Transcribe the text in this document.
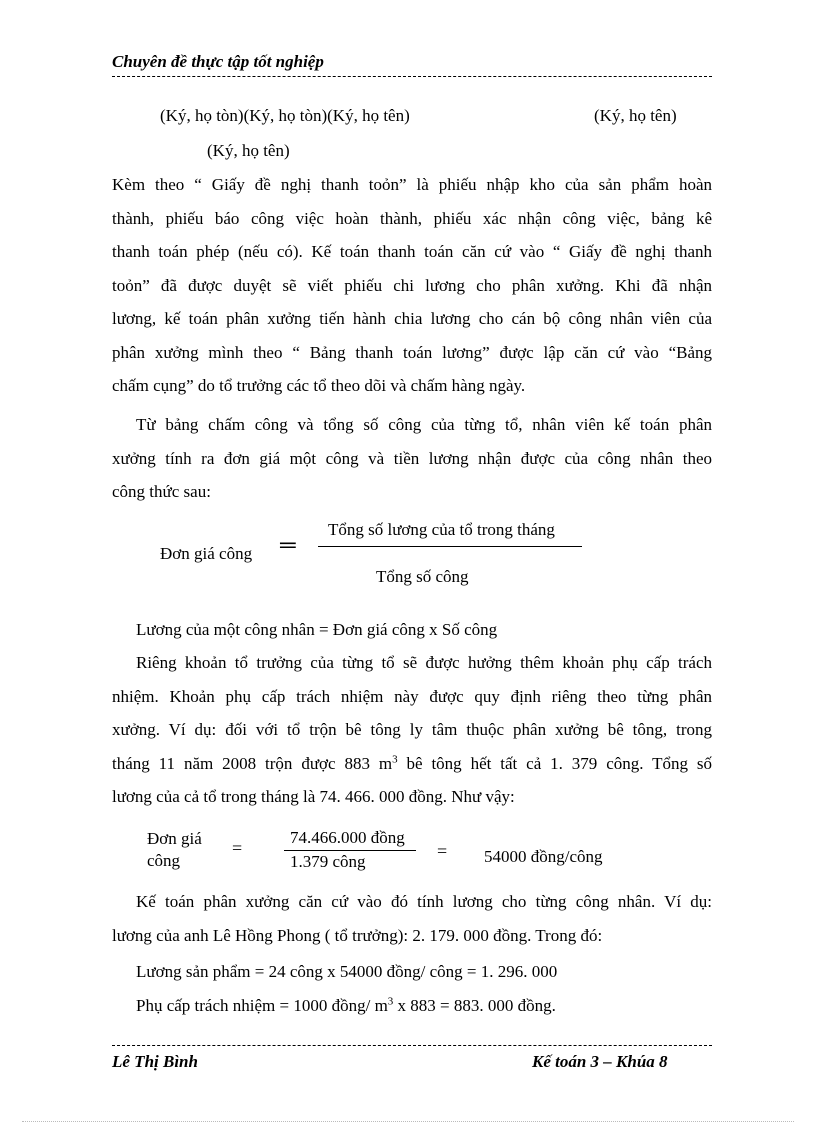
Chuyên đề thực tập tốt nghiệp
(Ký, họ tòn)(Ký, họ tòn)(Ký, họ tên)	(Ký, họ tên)
(Ký, họ tên)
Kèm theo “ Giấy đề nghị thanh toỏn” là phiếu nhập kho của sản phẩm hoàn
thành, phiếu báo công việc hoàn thành, phiếu xác nhận công việc, bảng kê
thanh toán phép (nếu có). Kế toán thanh toán căn cứ vào “ Giấy đề nghị thanh
toỏn” đã được duyệt sẽ viết phiếu chi lương cho phân xưởng. Khi đã nhận
lương, kế toán phân xưởng tiến hành chia lương cho cán bộ công nhân viên của
phân xưởng mình theo “ Bảng thanh toán lương” được lập căn cứ vào “Bảng
chấm cụng” do tổ trưởng các tổ theo dõi và chấm hàng ngày.
Từ bảng chấm công và tổng số công của từng tổ, nhân viên kế toán phân
xưởng tính ra đơn giá một công và tiền lương nhận được của công nhân theo
công thức sau:
Đơn giá công ═
Tổng số lương của tổ trong tháng
Tổng số công
Lương của một công nhân = Đơn giá công x Số công
Riêng khoản tổ trưởng của từng tổ sẽ được hưởng thêm khoản phụ cấp trách
nhiệm. Khoản phụ cấp trách nhiệm này được quy định riêng theo từng phân
xưởng. Ví dụ: đối với tổ trộn bê tông ly tâm thuộc phân xưởng bê tông, trong
tháng 11 năm 2008 trộn được 883 $m^3$ bê tông hết tất cả 1. 379 công. Tổng số
lương của cả tổ trong tháng là 74. 466. 000 đồng. Như vậy:
Đơn giá
công
=
74.466.000 đồng
1.379 công
= 54000 đồng/công
Kế toán phân xưởng căn cứ vào đó tính lương cho từng công nhân. Ví dụ:
lương của anh Lê Hồng Phong ( tổ trưởng): 2. 179. 000 đồng. Trong đó:
Lương sản phẩm = 24 công x 54000 đồng/ công = 1. 296. 000
Phụ cấp trách nhiệm = 1000 đồng/ $m^3$ x 883 = 883. 000 đồng.
Lê Thị Bình	Kế toán 3 – Khúa 8
